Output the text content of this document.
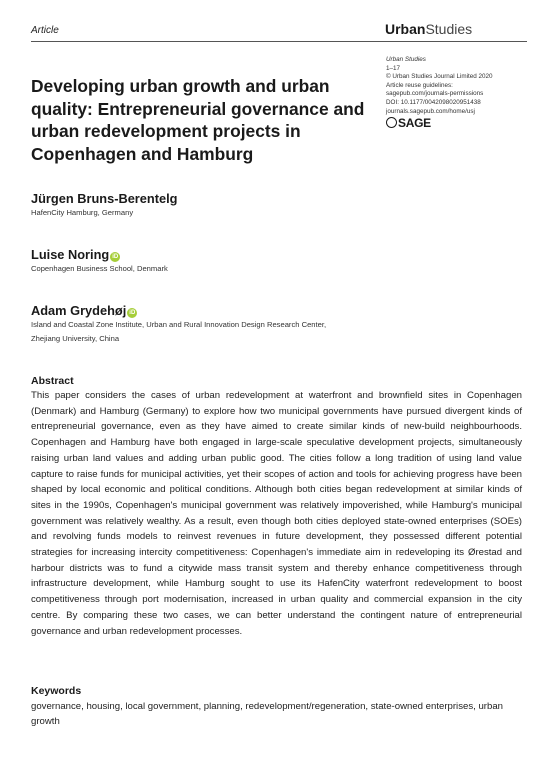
Article	UrbanStudies
Urban Studies
1–17
© Urban Studies Journal Limited 2020
Article reuse guidelines:
sagepub.com/journals-permissions
DOI: 10.1177/0042098020951438
journals.sagepub.com/home/usj
SAGE
Developing urban growth and urban quality: Entrepreneurial governance and urban redevelopment projects in Copenhagen and Hamburg
Jürgen Bruns-Berentelg
HafenCity Hamburg, Germany
Luise Noring iD
Copenhagen Business School, Denmark
Adam Grydehøj iD
Island and Coastal Zone Institute, Urban and Rural Innovation Design Research Center,
Zhejiang University, China
Abstract
This paper considers the cases of urban redevelopment at waterfront and brownfield sites in Copenhagen (Denmark) and Hamburg (Germany) to explore how two municipal governments have pursued divergent kinds of entrepreneurial governance, even as they have aimed to create similar kinds of new-build neighbourhoods. Copenhagen and Hamburg have both engaged in large-scale speculative development projects, simultaneously raising urban land values and adding urban public good. The cities follow a long tradition of using land value capture to raise funds for municipal activities, yet their scopes of action and tools for achieving progress have been shaped by local economic and political conditions. Although both cities began redevelopment at similar kinds of sites in the 1990s, Copenhagen's municipal government was relatively impoverished, while Hamburg's municipal government was relatively wealthy. As a result, even though both cities deployed state-owned enterprises (SOEs) and revolving funds models to reinvest revenues in future development, they possessed different potential strategies for increasing intercity competitiveness: Copenhagen's immediate aim in redeveloping its Ørestad and harbour districts was to fund a citywide mass transit system and thereby enhance competitiveness through infrastructure development, while Hamburg sought to use its HafenCity waterfront redevelopment to boost competitiveness through port modernisation, increased in urban quality and commercial expansion in the city centre. By comparing these two cases, we can better understand the contingent nature of entrepreneurial governance and urban redevelopment processes.
Keywords
governance, housing, local government, planning, redevelopment/regeneration, state-owned enterprises, urban growth
